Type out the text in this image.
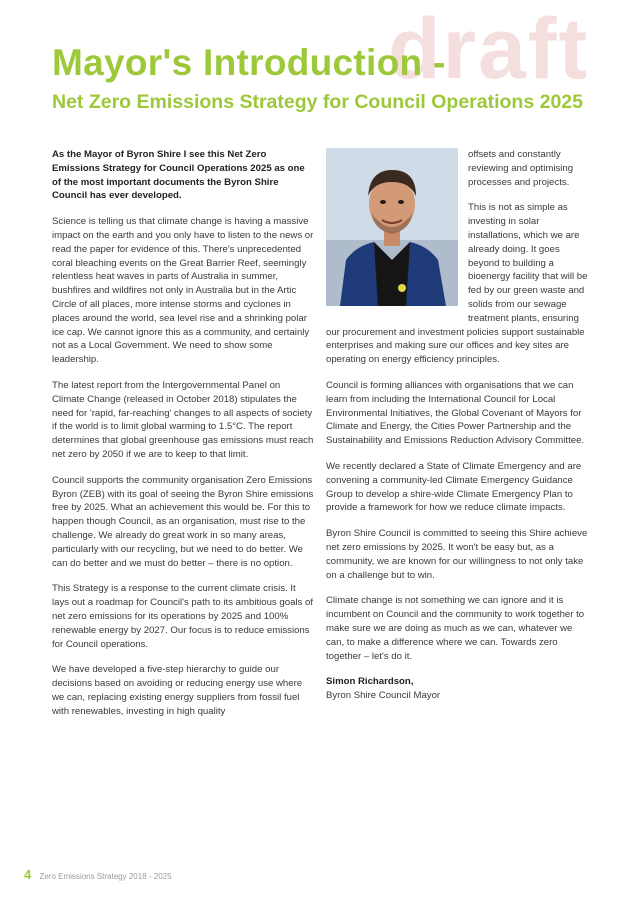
draft
Mayor's Introduction -
Net Zero Emissions Strategy for Council Operations 2025

As the Mayor of Byron Shire I see this Net Zero Emissions Strategy for Council Operations 2025 as one of the most important documents the Byron Shire Council has ever developed.

Science is telling us that climate change is having a massive impact on the earth and you only have to listen to the news or read the paper for evidence of this. There's unprecedented coral bleaching events on the Great Barrier Reef, seemingly relentless heat waves in parts of Australia in summer, bushfires and wildfires not only in Australia but in the Artic Circle of all places, more intense storms and cyclones in places around the world, sea level rise and a shrinking polar ice cap. We cannot ignore this as a community, and certainly not as a Local Government. We need to show some leadership.

The latest report from the Intergovernmental Panel on Climate Change (released in October 2018) stipulates the need for 'rapid, far-reaching' changes to all aspects of society if the world is to limit global warming to 1.5°C. The report determines that global greenhouse gas emissions must reach net zero by 2050 if we are to keep to that limit.

Council supports the community organisation Zero Emissions Byron (ZEB) with its goal of seeing the Byron Shire emissions free by 2025. What an achievement this would be. For this to happen though Council, as an organisation, must rise to the challenge. We already do great work in so many areas, particularly with our recycling, but we need to do better. We can do better and we must do better – there is no option.

This Strategy is a response to the current climate crisis. It lays out a roadmap for Council's path to its ambitious goals of net zero emissions for its operations by 2025 and 100% renewable energy by 2027. Our focus is to reduce emissions for Council operations.

We have developed a five-step hierarchy to guide our decisions based on avoiding or reducing energy use where we can, replacing existing energy suppliers from fossil fuel with renewables, investing in high quality

offsets and constantly reviewing and optimising processes and projects.

This is not as simple as investing in solar installations, which we are already doing. It goes beyond to building a bioenergy facility that will be fed by our green waste and solids from our sewage treatment plants, ensuring our procurement and investment policies support sustainable enterprises and making sure our offices and key sites are operating on energy efficiency principles.

Council is forming alliances with organisations that we can learn from including the International Council for Local Environmental Initiatives, the Global Covenant of Mayors for Climate and Energy, the Cities Power Partnership and the Sustainability and Emissions Reduction Advisory Committee.

We recently declared a State of Climate Emergency and are convening a community-led Climate Emergency Guidance Group to develop a shire-wide Climate Emergency Plan to provide a framework for how we reduce climate impacts.

Byron Shire Council is committed to seeing this Shire achieve net zero emissions by 2025. It won't be easy but, as a community, we are known for our willingness to not only take on a challenge but to win.

Climate change is not something we can ignore and it is incumbent on Council and the community to work together to make sure we are doing as much as we can, whatever we can, to make a difference where we can. Towards zero together – let's do it.

Simon Richardson,

Byron Shire Council Mayor

4 Zero Emissions Strategy 2018 - 2025
